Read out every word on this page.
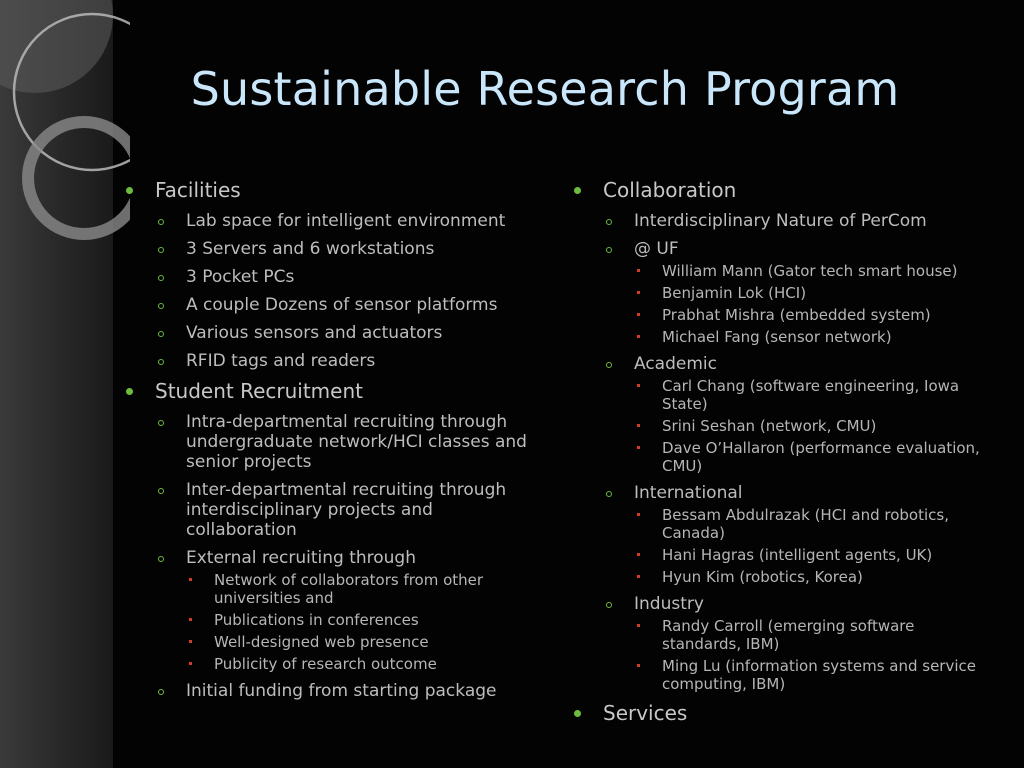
Sustainable Research Program
Facilities
Lab space for intelligent environment
3 Servers and 6 workstations
3 Pocket PCs
A couple Dozens of sensor platforms
Various sensors and actuators
RFID tags and readers
Student Recruitment
Intra-departmental recruiting through undergraduate network/HCI classes and senior projects
Inter-departmental recruiting through interdisciplinary projects and collaboration
External recruiting through
Network of collaborators from other universities and
Publications in conferences
Well-designed web presence
Publicity of research outcome
Initial funding from starting package
Collaboration
Interdisciplinary Nature of PerCom
@ UF
William Mann (Gator tech smart house)
Benjamin Lok (HCI)
Prabhat Mishra (embedded system)
Michael Fang (sensor network)
Academic
Carl Chang (software engineering, Iowa State)
Srini Seshan (network, CMU)
Dave O’Hallaron (performance evaluation, CMU)
International
Bessam Abdulrazak (HCI and robotics, Canada)
Hani Hagras (intelligent agents, UK)
Hyun Kim (robotics, Korea)
Industry
Randy Carroll (emerging software standards, IBM)
Ming Lu (information systems and service computing, IBM)
Services
